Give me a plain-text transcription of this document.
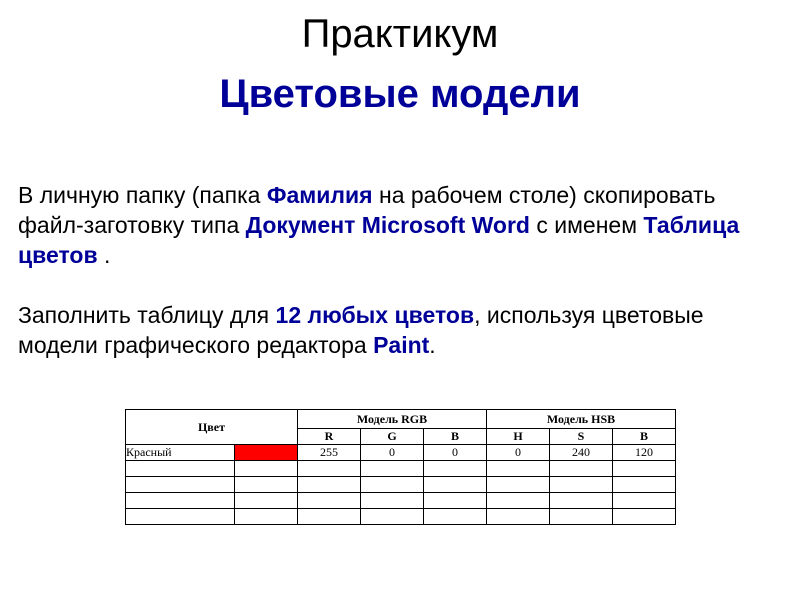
Практикум
Цветовые модели
В личную папку (папка Фамилия на рабочем столе) скопировать файл-заготовку типа Документ Microsoft Word с именем Таблица цветов .
Заполнить таблицу для 12 любых цветов, используя цветовые модели графического редактора Paint.
Цвет		Модель RGB			Модель HSB		
		R	G	B	H	S	B
Красный		255	0	0	0	240	120
